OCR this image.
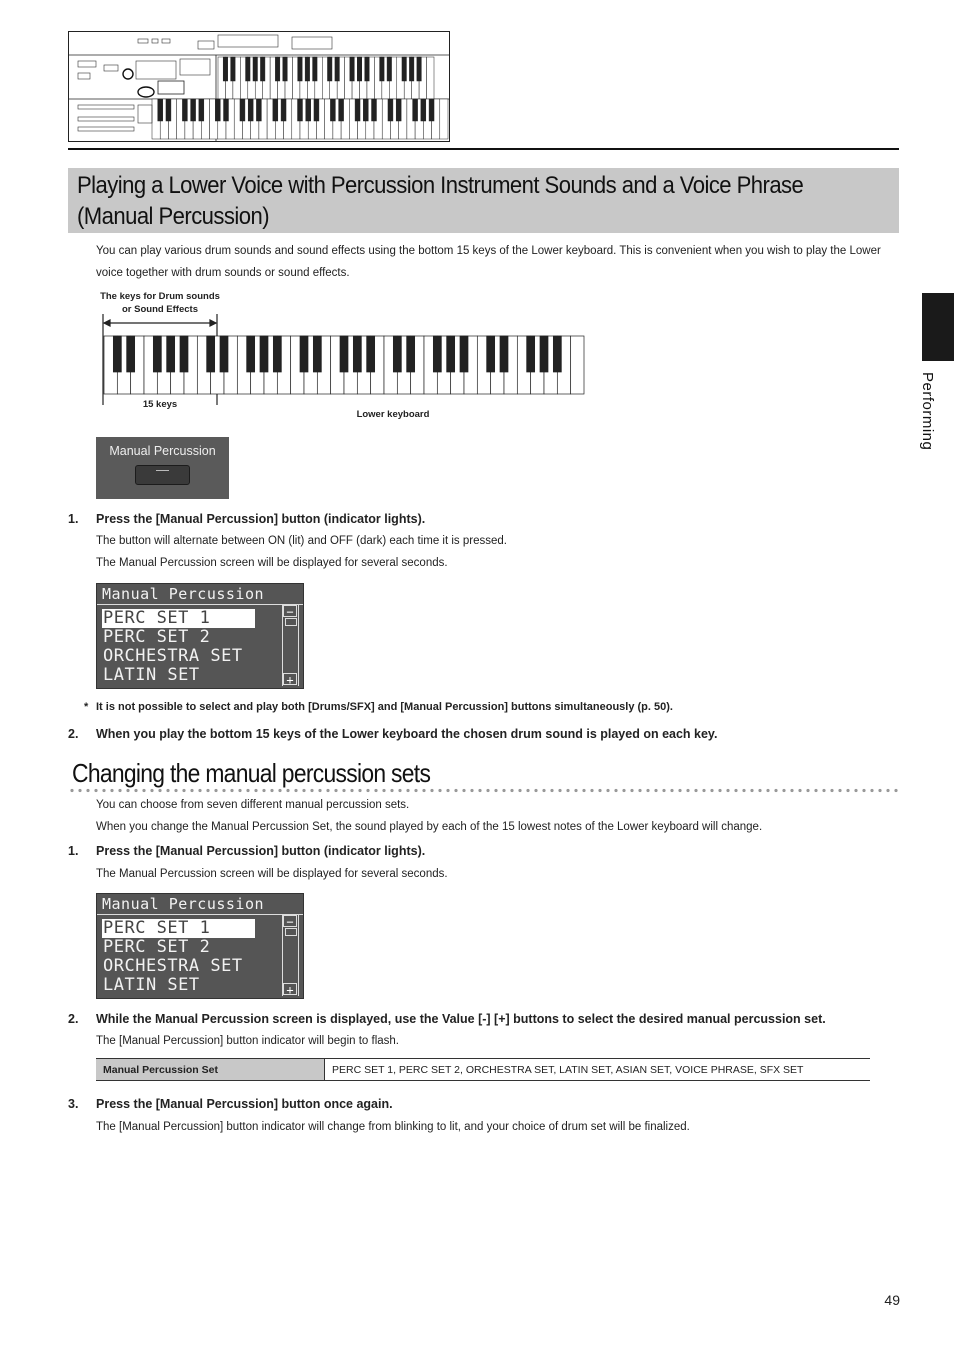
Performing
Playing a Lower Voice with Percussion Instrument Sounds and a Voice Phrase (Manual Percussion)
You can play various drum sounds and sound effects using the bottom 15 keys of the Lower keyboard. This is convenient when you wish to play the Lower voice together with drum sounds or sound effects.
The keys for Drum sounds
or Sound Effects
15 keys
Lower keyboard
Manual Percussion
1. Press the [Manual Percussion] button (indicator lights).
The button will alternate between ON (lit) and OFF (dark) each time it is pressed.
The Manual Percussion screen will be displayed for several seconds.
Manual Percussion
PERC SET 1
PERC SET 2
ORCHESTRA SET
LATIN SET
−
+
* It is not possible to select and play both [Drums/SFX] and [Manual Percussion] buttons simultaneously (p. 50).
2. When you play the bottom 15 keys of the Lower keyboard the chosen drum sound is played on each key.
Changing the manual percussion sets
You can choose from seven different manual percussion sets.
When you change the Manual Percussion Set, the sound played by each of the 15 lowest notes of the Lower keyboard will change.
1. Press the [Manual Percussion] button (indicator lights).
The Manual Percussion screen will be displayed for several seconds.
Manual Percussion
PERC SET 1
PERC SET 2
ORCHESTRA SET
LATIN SET
−
+
2. While the Manual Percussion screen is displayed, use the Value [-] [+] buttons to select the desired manual percussion set.
The [Manual Percussion] button indicator will begin to flash.
Manual Percussion Set	PERC SET 1, PERC SET 2, ORCHESTRA SET, LATIN SET, ASIAN SET, VOICE PHRASE, SFX SET
3. Press the [Manual Percussion] button once again.
The [Manual Percussion] button indicator will change from blinking to lit, and your choice of drum set will be finalized.
49
